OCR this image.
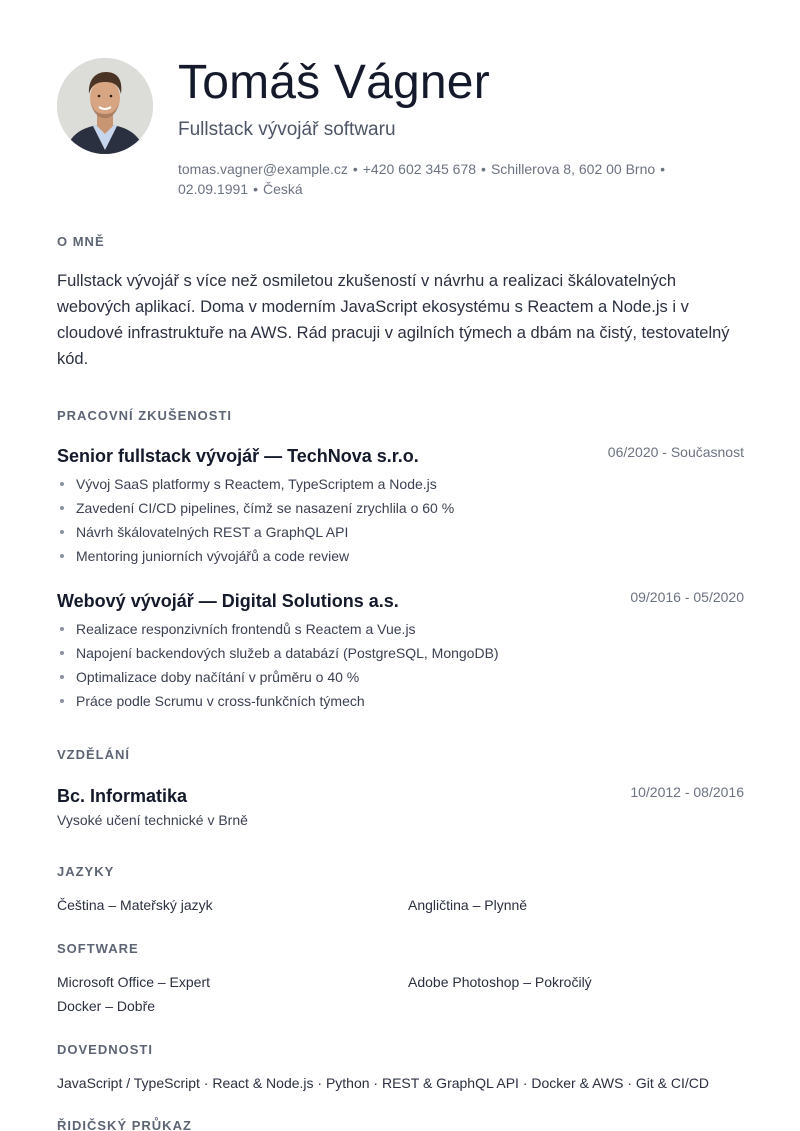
Tomáš Vágner
Fullstack vývojář softwaru
tomas.vagner@example.cz • +420 602 345 678 • Schillerova 8, 602 00 Brno •
02.09.1991 • Česká
O MNĚ

Fullstack vývojář s více než osmiletou zkušeností v návrhu a realizaci škálovatelných webových aplikací. Doma v moderním JavaScript ekosystému s Reactem a Node.js i v cloudové infrastruktuře na AWS. Rád pracuji v agilních týmech a dbám na čistý, testovatelný kód.

PRACOVNÍ ZKUŠENOSTI
Senior fullstack vývojář — TechNova s.r.o.	06/2020 - Současnost
Vývoj SaaS platformy s Reactem, TypeScriptem a Node.js
Zavedení CI/CD pipelines, čímž se nasazení zrychlila o 60 %
Návrh škálovatelných REST a GraphQL API
Mentoring juniorních vývojářů a code review
Webový vývojář — Digital Solutions a.s.	09/2016 - 05/2020
Realizace responzivních frontendů s Reactem a Vue.js
Napojení backendových služeb a databází (PostgreSQL, MongoDB)
Optimalizace doby načítání v průměru o 40 %
Práce podle Scrumu v cross-funkčních týmech
VZDĚLÁNÍ
Bc. Informatika	10/2012 - 08/2016
Vysoké učení technické v Brně
JAZYKY
Čeština – Mateřský jazyk	Angličtina – Plynně
SOFTWARE
Microsoft Office – Expert	Adobe Photoshop – Pokročilý
Docker – Dobře
DOVEDNOSTI
JavaScript / TypeScript · React & Node.js · Python · REST & GraphQL API · Docker & AWS · Git & CI/CD
ŘIDIČSKÝ PRŮKAZ
